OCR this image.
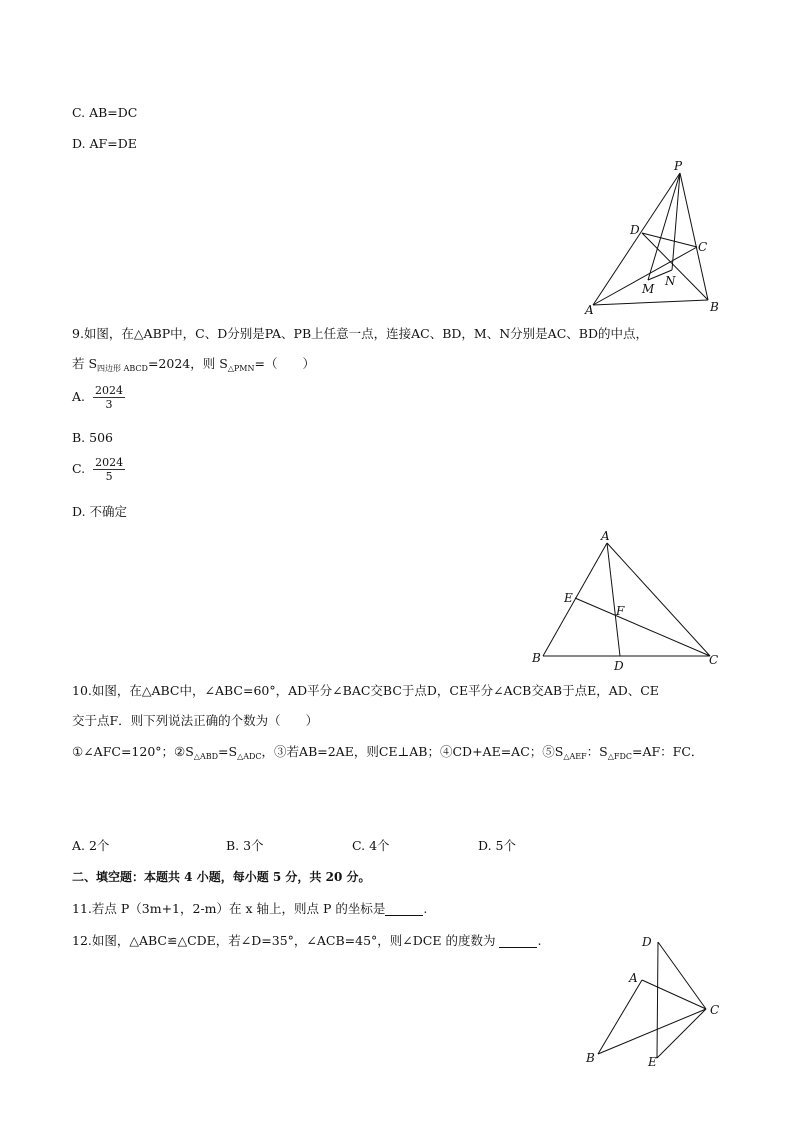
C. AB=DC
D. AF=DE
P
D
C
M
N
A	B
9.如图，在△ABP中，C、D分别是PA、PB上任意一点，连接AC、BD，M、N分别是AC、BD的中点，
若 $S_{四边形 ABCD}=2024$，则 $S_{\triangle PMN}=$（　　）
A. $\frac{2024}{3}$
B. 506
C. $\frac{2024}{5}$
D. 不确定
A
E
F
B
D	C
10.如图，在△ABC中，∠ABC=60°，AD平分∠BAC交BC于点D，CE平分∠ACB交AB于点E，AD、CE
交于点F．则下列说法正确的个数为（　　）
①∠AFC=120°；$②S_{\triangle ABD}=S_{\triangle ADC}$，③若AB=2AE，则CE⊥AB；④CD+AE=AC；$⑤S_{\triangle AEF}$：$S_{\triangle FDC}=AF$：FC．
A. 2个	B. 3个	C. 4个	D. 5个
二、填空题：本题共 4 小题，每小题 5 分，共 20 分。
11.若点 P（3m+1，2-m）在 x 轴上，则点 P 的坐标是	.
12.如图，△ABC≌△CDE，若∠D=35°，∠ACB=45°，则∠DCE 的度数为	.	D
A
C
B	E
